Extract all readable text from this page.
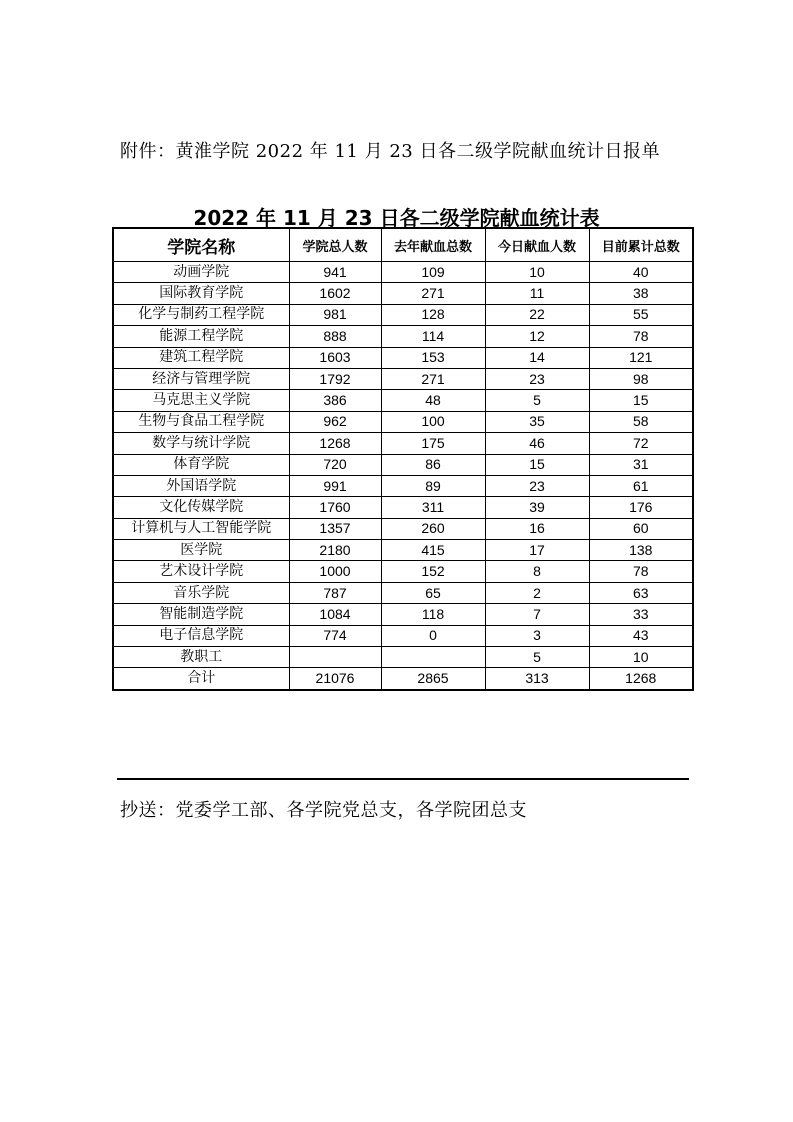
附件：黄淮学院 2022 年 11 月 23 日各二级学院献血统计日报单
2022 年 11 月 23 日各二级学院献血统计表
学院名称	学院总人数	去年献血总数	今日献血人数	目前累计总数
动画学院	941	109	10	40
国际教育学院	1602	271	11	38
化学与制药工程学院	981	128	22	55
能源工程学院	888	114	12	78
建筑工程学院	1603	153	14	121
经济与管理学院	1792	271	23	98
马克思主义学院	386	48	5	15
生物与食品工程学院	962	100	35	58
数学与统计学院	1268	175	46	72
体育学院	720	86	15	31
外国语学院	991	89	23	61
文化传媒学院	1760	311	39	176
计算机与人工智能学院	1357	260	16	60
医学院	2180	415	17	138
艺术设计学院	1000	152	8	78
音乐学院	787	65	2	63
智能制造学院	1084	118	7	33
电子信息学院	774	0	3	43
教职工			5	10
合计	21076	2865	313	1268
抄送：党委学工部、各学院党总支，各学院团总支
